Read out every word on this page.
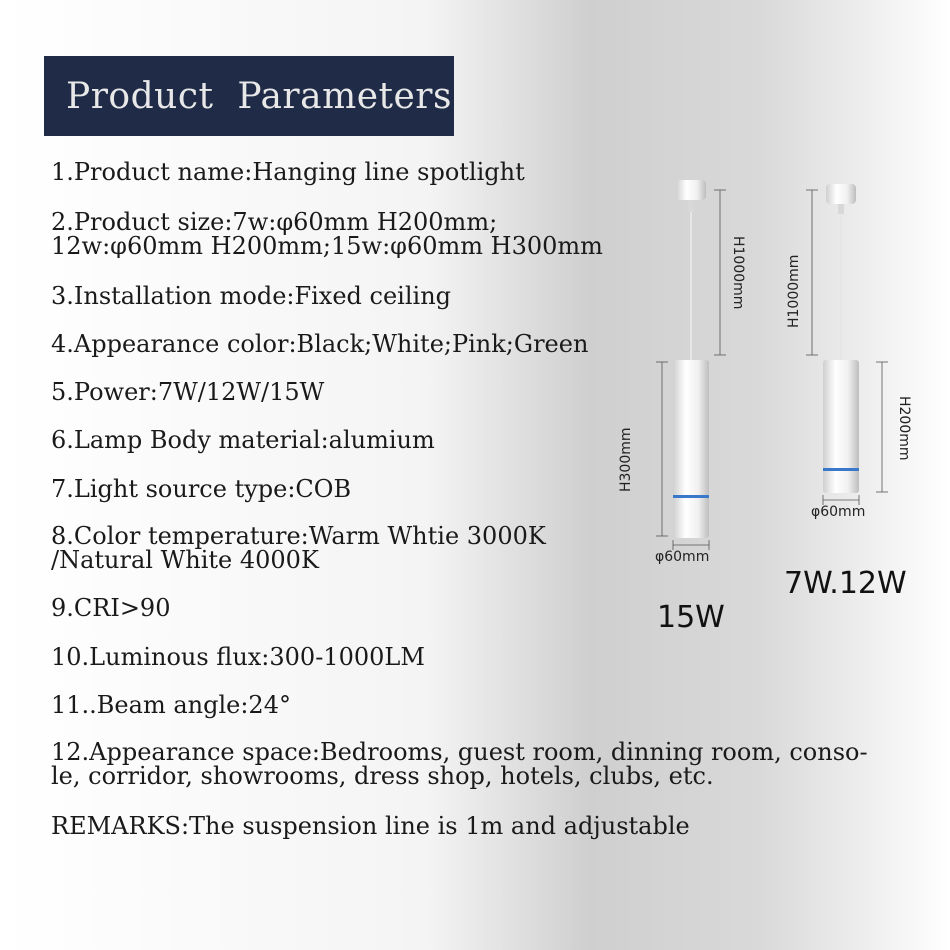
Product  Parameters
1.Product name:Hanging line spotlight
2.Product size:7w:φ60mm H200mm;
12w:φ60mm H200mm;15w:φ60mm H300mm
3.Installation mode:Fixed ceiling
4.Appearance color:Black;White;Pink;Green
5.Power:7W/12W/15W
6.Lamp Body material:alumium
7.Light source type:COB
8.Color temperature:Warm Whtie 3000K
/Natural White 4000K
9.CRI>90
10.Luminous flux:300-1000LM
11..Beam angle:24°
12.Appearance space:Bedrooms, guest room, dinning room, conso-
le, corridor, showrooms, dress shop, hotels, clubs, etc.
REMARKS:The suspension line is 1m and adjustable
H1000mm
H300mm
φ60mm
15W
H1000mm
H200mm
φ60mm
7W.12W
